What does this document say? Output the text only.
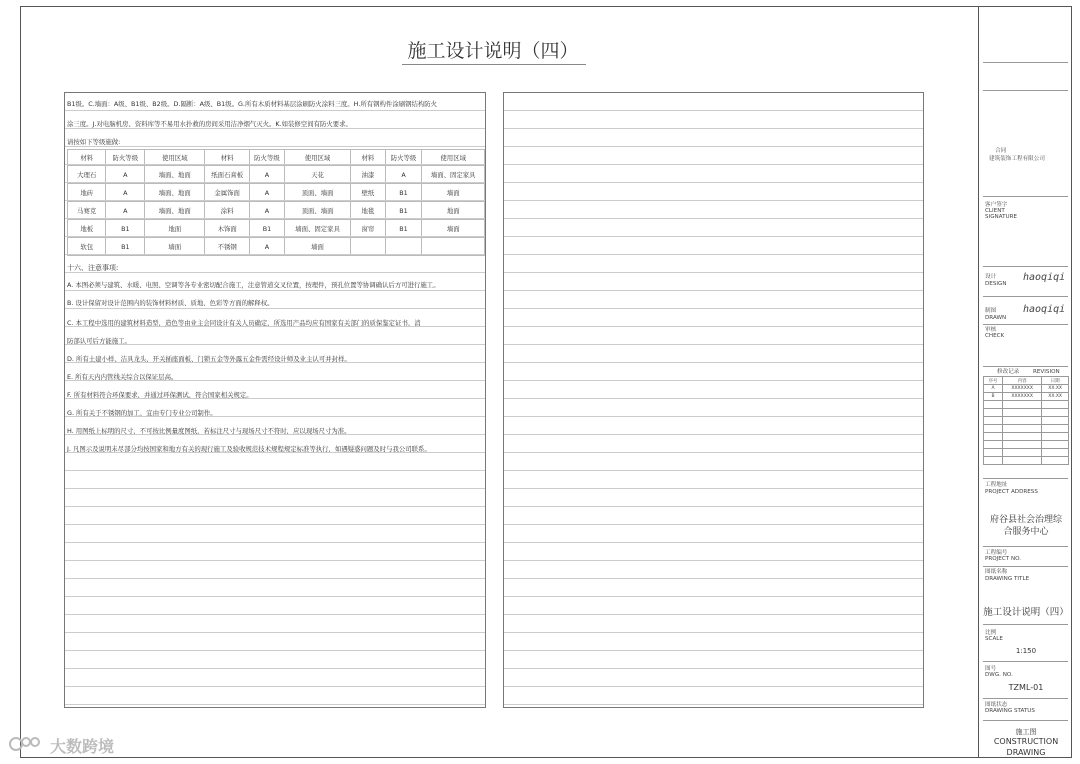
施工设计说明（四）
B1级。C.墙面：A级、B1级、B2级。D.隔断：A级、B1级。G.所有木质材料基层涂刷防火涂料三度。H.所有钢构件涂刷钢结构防火
涂三度。J.对电脑机房、资料库等不易用水扑救的房间采用洁净烟气灭火。K.如装修空间有防火要求。
请按如下等级施做:
材料	防火等级	使用区域	材料	防火等级	使用区域	材料	防火等级	使用区域
大理石	A	墙面、地面	纸面石膏板	A	天花	油漆	A	墙面、固定家具
地砖	A	墙面、地面	金属饰面	A	顶面、墙面	壁纸	B1	墙面
马赛克	A	墙面、地面	涂料	A	顶面、墙面	地毯	B1	地面
地板	B1	地面	木饰面	B1	墙面、固定家具	窗帘	B1	墙面
软包	B1	墙面	不锈钢	A	墙面			
十六、注意事项:
A. 本图必须与建筑、水暖、电照、空调等各专业密切配合施工，注意管道交叉位置，按理件，预孔位置等协调确认后方可进行施工。
B. 设计保留对设计范围内的装饰材料材质、质地、色彩等方面的解释权。
C. 本工程中选用的建筑材料造型，造色等由业主会同设计有关人员确定，所选用产品均应有国家有关部门的质保鉴定证书，消
防部认可后方能施工。
D. 所有土建小样、洁具龙头、开关插座面板、门锁五金等外露五金件需经设计师及业主认可并封样。
E. 所有天内内管线关综合以保证层高。
F. 所有材料符合环保要求，并通过环保测试，符合国家相关规定。
G. 所有关于不锈钢的加工，宜由专门专业公司制作。
H. 用图纸上标明的尺寸，不可按比例量度图纸，若标注尺寸与现场尺寸不符时，应以现场尺寸为准。
J. 凡图示及说明未尽部分均按国家和地方有关的现行施工及验收规范技术规程规定标准等执行，如遇疑惑问题及时与我公司联系。
合同
建筑装饰工程有限公司
客户签字
CLIENT
SIGNATURE
设计
DESIGN
haoqiqi
制图
DRAWN
haoqiqi
审核
CHECK
修改记录 REVISION
序号	内容	日期
A	XXXXXXX	XX.XX
B	XXXXXXX	XX.XX

工程地址
PROJECT ADDRESS
府谷县社会治理综
合服务中心
工程编号
PROJECT NO.
图纸名称
DRAWING TITLE
施工设计说明（四）
比例
SCALE
1:150
图号
DWG. NO.
TZML-01
图纸状态
DRAWING STATUS
施工图
CONSTRUCTION
DRAWING
大数跨境
